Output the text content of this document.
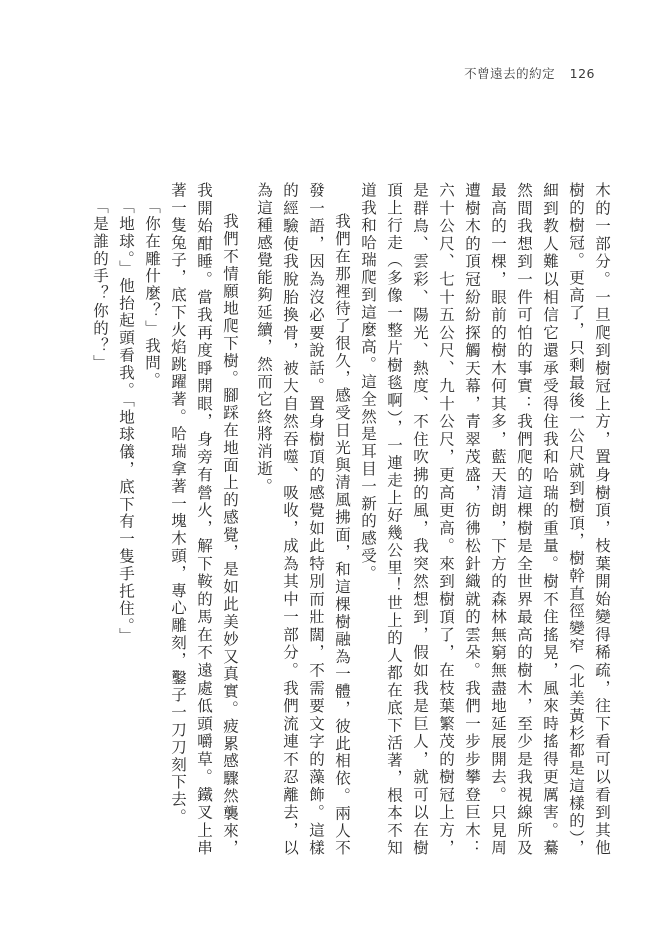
不曾遠去的約定 126

木的一部分。一旦爬到樹冠上方，置身樹頂，枝葉開始變得稀疏，往下看可以看到其他樹的樹冠。更高了，只剩最後一公尺就到樹頂，樹幹直徑變窄（北美黃杉都是這樣的），細到教人難以相信它還承受得住我和哈瑞的重量。樹不住搖晃，風來時搖得更厲害。驀然間我想到一件可怕的事實：我們爬的這棵樹是全世界最高的樹木，至少是我視線所及最高的一棵，眼前的樹木何其多，藍天清朗，下方的森林無窮無盡地延展開去。只見周遭樹木的頂冠紛紛探觸天幕，青翠茂盛，彷彿松針織就的雲朵。我們一步步攀登巨木：六十公尺、七十五公尺、九十公尺，更高更高。來到樹頂了，在枝葉繁茂的樹冠上方，是群鳥、雲彩、陽光、熱度、不住吹拂的風，我突然想到，假如我是巨人，就可以在樹頂上行走（多像一整片樹毯啊），一連走上好幾公里！世上的人都在底下活著，根本不知道我和哈瑞爬到這麼高。這全然是耳目一新的感受。

我們在那裡待了很久，感受日光與清風拂面，和這棵樹融為一體，彼此相依。兩人不發一語，因為沒必要說話。置身樹頂的感覺如此特別而壯闊，不需要文字的藻飾。這樣的經驗使我脫胎換骨，被大自然吞噬、吸收，成為其中一部分。我們流連不忍離去，以為這種感覺能夠延續，然而它終將消逝。

我們不情願地爬下樹。腳踩在地面上的感覺，是如此美妙又真實。疲累感驟然襲來，我開始酣睡。當我再度睜開眼，身旁有營火，解下鞍的馬在不遠處低頭嚼草。鐵叉上串著一隻兔子，底下火焰跳躍著。哈瑞拿著一塊木頭，專心雕刻，鑿子一刀刀刻下去。

「你在雕什麼？」我問。

「地球。」他抬起頭看我。「地球儀，底下有一隻手托住。」

「是誰的手？你的？」
